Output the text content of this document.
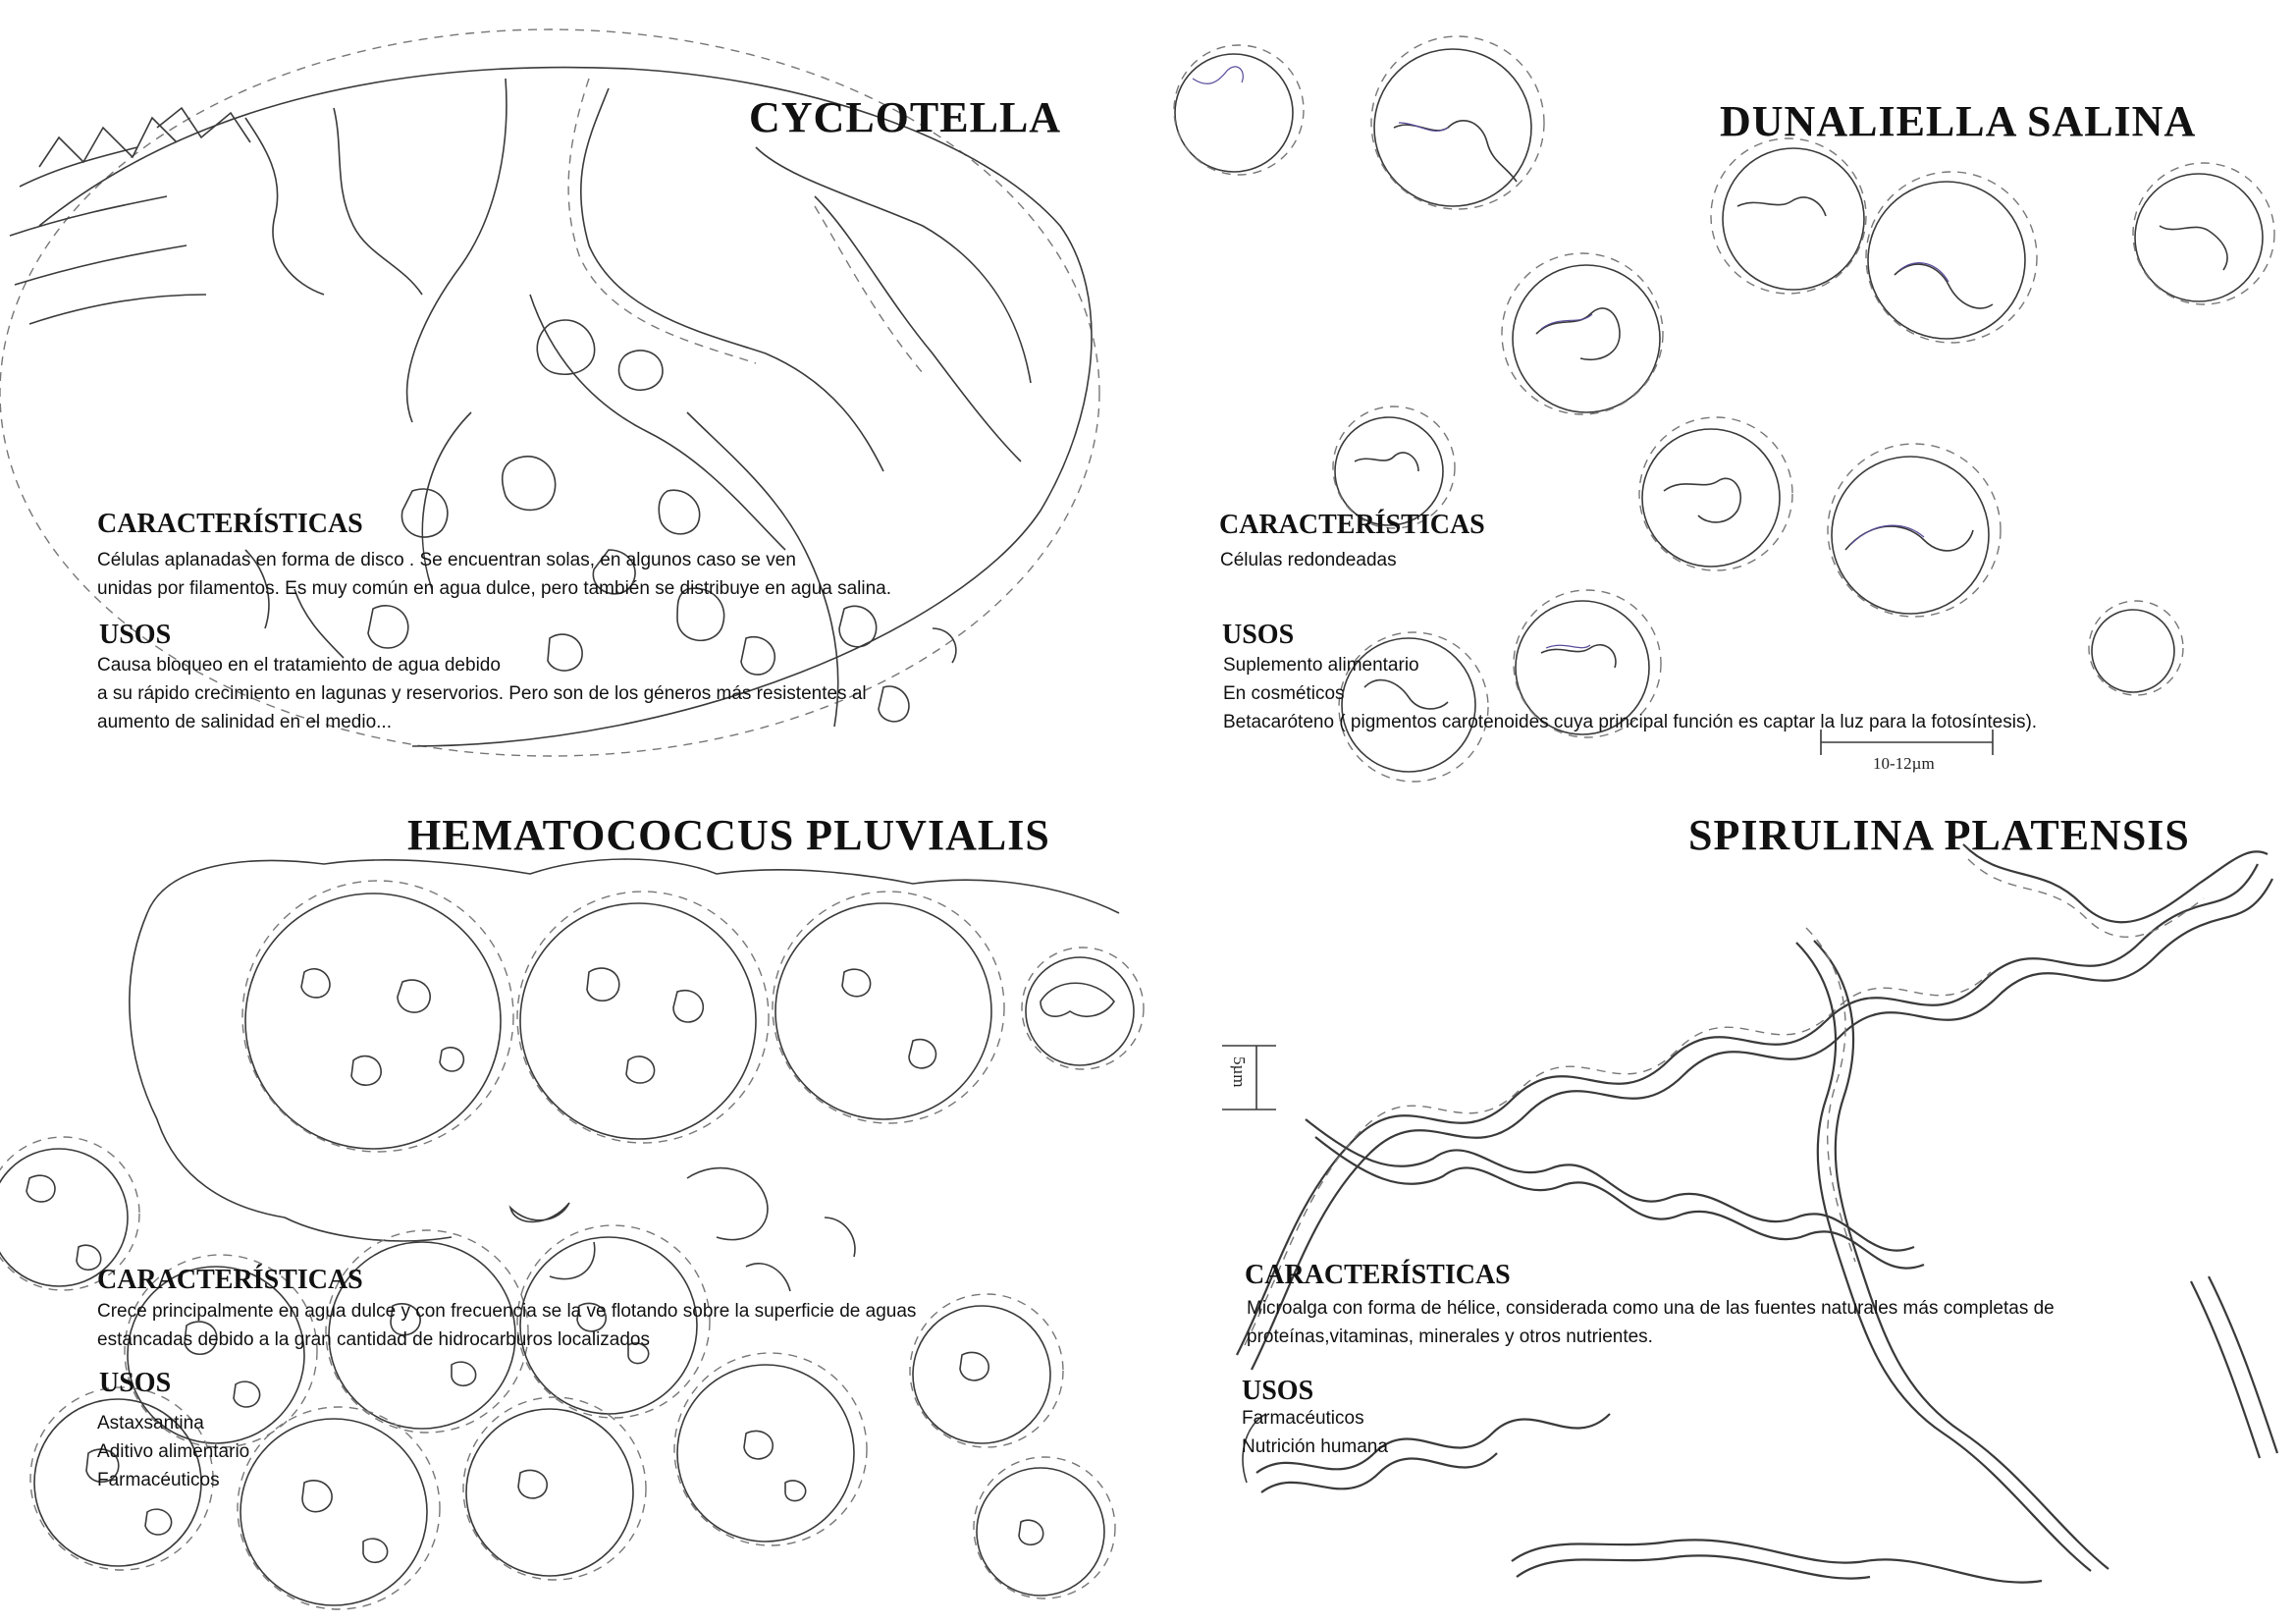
CYCLOTELLA
CARACTERÍSTICAS
Células aplanadas en forma de disco . Se encuentran solas, en algunos caso se ven
unidas por filamentos. Es muy común en agua dulce, pero también se distribuye en agua salina.
USOS
Causa bloqueo en el tratamiento de agua debido
a su rápido crecimiento en lagunas y reservorios. Pero son de los géneros más resistentes al
aumento de salinidad en el medio...
DUNALIELLA SALINA
CARACTERÍSTICAS
Células redondeadas
USOS
Suplemento alimentario
En cosméticos
Betacaróteno ( pigmentos carotenoides cuya principal función es captar la luz para la fotosíntesis).
10-12µm
HEMATOCOCCUS PLUVIALIS
CARACTERÍSTICAS
Crece principalmente en agua dulce y con frecuencia se la ve flotando sobre la superficie de aguas
estancadas debido a la gran cantidad de hidrocarburos localizados
USOS
Astaxsantina
Aditivo alimentario
Farmacéuticos
SPIRULINA PLATENSIS
CARACTERÍSTICAS
Microalga con forma de hélice, considerada como una de las fuentes naturales más completas de
proteínas,vitaminas, minerales y otros nutrientes.
USOS
Farmacéuticos
Nutrición humana
5µm
